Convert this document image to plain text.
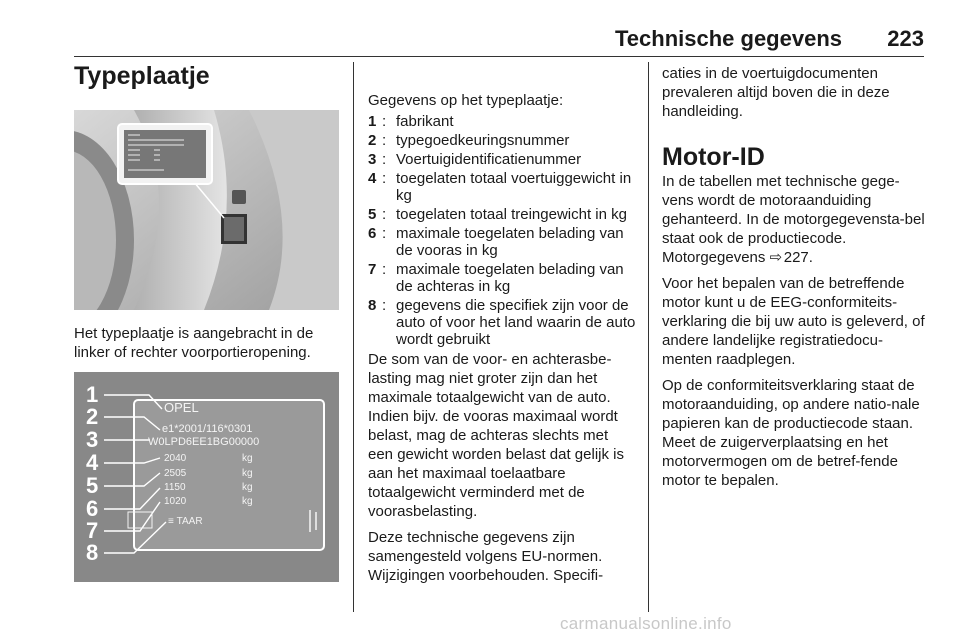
Technische gegevens 223
Typeplaatje
Het typeplaatje is aangebracht in de linker of rechter voorportieropening.
1
2
3
4
5
6
7
8
OPEL
e1*2001/116*0301
W0LPD6EE1BG00000
2040
2505
1150
1020
kg
kg
kg
kg
≡ TAAR

Gegevens op het typeplaatje:

1 : fabrikant
2 : typegoedkeuringsnummer
3 : Voertuigidentificatienummer
4 : toegelaten totaal voertuiggewicht in kg
5 : toegelaten totaal treingewicht in kg
6 : maximale toegelaten belading van de vooras in kg
7 : maximale toegelaten belading van de achteras in kg
8 : gegevens die specifiek zijn voor de auto of voor het land waarin de auto wordt gebruikt

De som van de voor- en achterasbe-lasting mag niet groter zijn dan het maximale totaalgewicht van de auto. Indien bijv. de vooras maximaal wordt belast, mag de achteras slechts met een gewicht worden belast dat gelijk is aan het maximaal toelaatbare totaalgewicht verminderd met de voorasbelasting.

Deze technische gegevens zijn samengesteld volgens EU-normen. Wijzigingen voorbehouden. Specifi-

caties in de voertuigdocumenten prevaleren altijd boven die in deze handleiding.

Motor-ID

In de tabellen met technische gege-vens wordt de motoraanduiding gehanteerd. In de motorgegevensta-bel staat ook de productiecode. Motorgegevens ⇨ 227.

Voor het bepalen van de betreffende motor kunt u de EEG-conformiteits-verklaring die bij uw auto is geleverd, of andere landelijke registratiedocu-menten raadplegen.

Op de conformiteitsverklaring staat de motoraanduiding, op andere natio-nale papieren kan de productiecode staan. Meet de zuigerverplaatsing en het motorvermogen om de betref-fende motor te bepalen.

carmanualsonline.info
